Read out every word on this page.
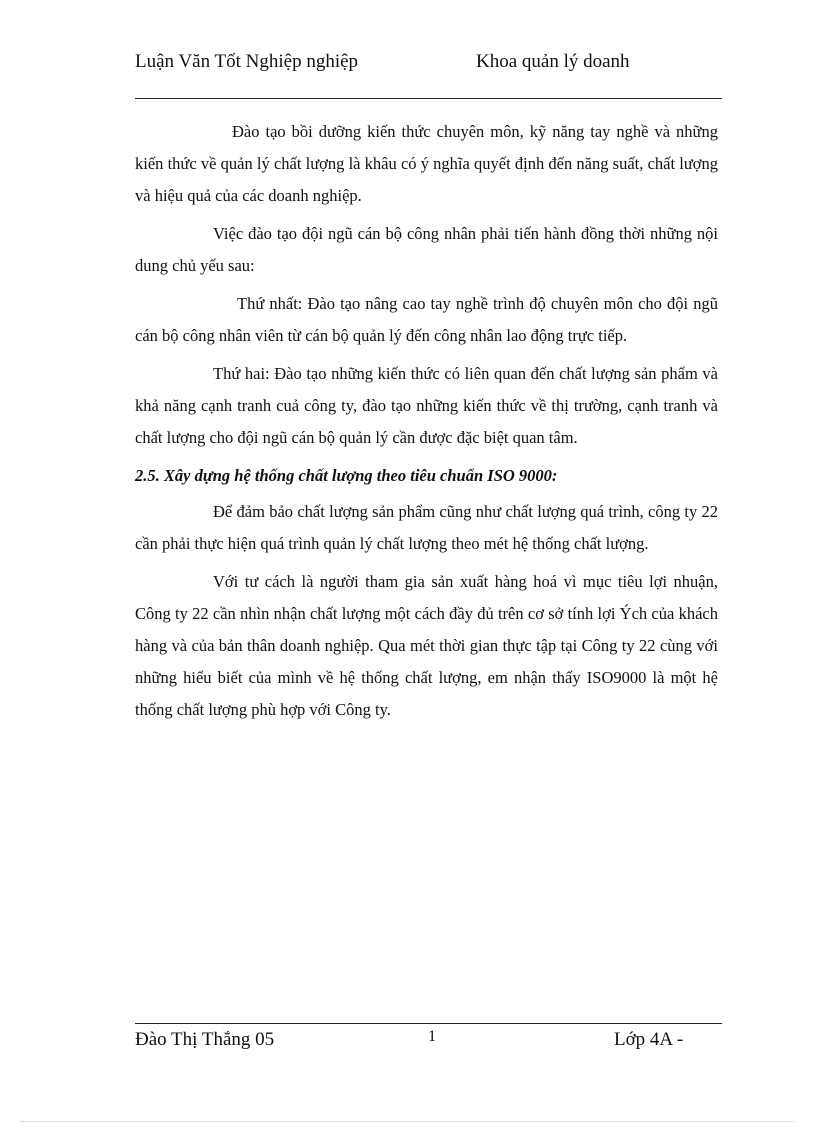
Luận Văn Tốt Nghiệp nghiệp	Khoa quản lý doanh

Đào tạo bồi dưỡng kiến thức chuyên môn, kỹ năng tay nghề và những kiến thức về quản lý chất lượng là khâu có ý nghĩa quyết định đến năng suất, chất lượng và hiệu quả của các doanh nghiệp.

Việc đào tạo đội ngũ cán bộ công nhân phải tiến hành đồng thời những nội dung chủ yếu sau:

Thứ nhất: Đào tạo nâng cao tay nghề trình độ chuyên môn cho đội ngũ cán bộ công nhân viên từ cán bộ quản lý đến công nhân lao động trực tiếp.

Thứ hai: Đào tạo những kiến thức có liên quan đến chất lượng sản phẩm và khả năng cạnh tranh cuả công ty, đào tạo những kiến thức về thị trường, cạnh tranh và chất lượng cho đội ngũ cán bộ quản lý cần được đặc biệt quan tâm.

2.5. Xây dựng hệ thống chất lượng theo tiêu chuẩn ISO 9000:

Để đảm bảo chất lượng sản phẩm cũng như chất lượng quá trình, công ty 22 cần phải thực hiện quá trình quản lý chất lượng theo mét hệ thống chất lượng.

Với tư cách là người tham gia sản xuất hàng hoá vì mục tiêu lợi nhuận, Công ty 22 cần nhìn nhận chất lượng một cách đầy đủ trên cơ sở tính lợi Ých của khách hàng và của bản thân doanh nghiệp. Qua mét thời gian thực tập tại Công ty 22 cùng với những hiểu biết của mình về hệ thống chất lượng, em nhận thấy ISO9000 là một hệ thống chất lượng phù hợp với Công ty.

Đào Thị Thắng 05	1	Lớp 4A -
